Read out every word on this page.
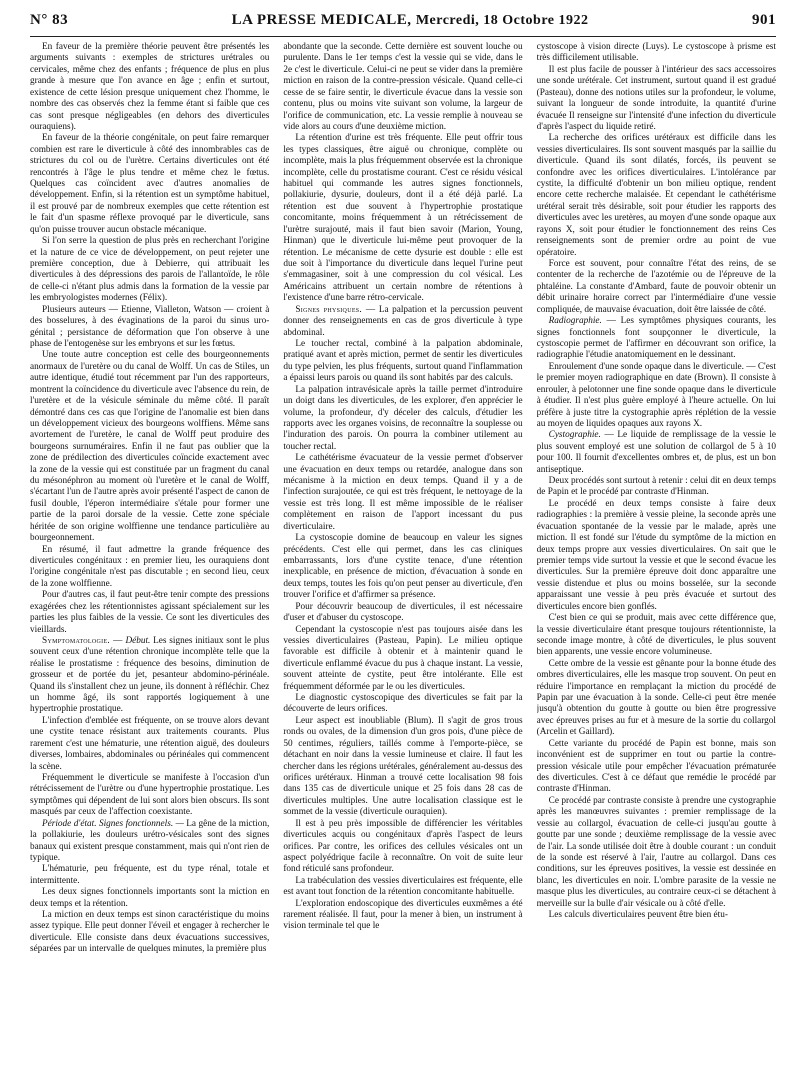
N° 83	LA PRESSE MEDICALE, Mercredi, 18 Octobre 1922	901

En faveur de la première théorie peuvent être présentés les arguments suivants : exemples de strictures urétrales ou cervicales, même chez des enfants ; fréquence de plus en plus grande à mesure que l'on avance en âge ; enfin et surtout, existence de cette lésion presque uniquement chez l'homme, le nombre des cas observés chez la femme étant si faible que ces cas sont presque négligeables (en dehors des diverticules ouraquiens).

En faveur de la théorie congénitale, on peut faire remarquer combien est rare le diverticule à côté des innombrables cas de strictures du col ou de l'urètre. Certains diverticules ont été rencontrés à l'âge le plus tendre et même chez le fœtus. Quelques cas coïncident avec d'autres anomalies de développement. Enfin, si la rétention est un symptôme habituel, il est prouvé par de nombreux exemples que cette rétention est le fait d'un spasme réflexe provoqué par le diverticule, sans qu'on puisse trouver aucun obstacle mécanique.

Si l'on serre la question de plus près en recherchant l'origine et la nature de ce vice de développement, on peut rejeter une première conception, due à Debierre, qui attribuait les diverticules à des dépressions des parois de l'allantoïde, le rôle de celle-ci n'étant plus admis dans la formation de la vessie par les embryologistes modernes (Félix).

Plusieurs auteurs — Etienne, Vialleton, Watson — croient à des bosselures, à des évaginations de la paroi du sinus uro-génital ; persistance de déformation que l'on observe à une phase de l'entogenèse sur les embryons et sur les fœtus.

Une toute autre conception est celle des bourgeonnements anormaux de l'uretère ou du canal de Wolff. Un cas de Stiles, un autre identique, étudié tout récemment par l'un des rapporteurs, montrent la coïncidence du diverticule avec l'absence du rein, de l'uretère et de la vésicule séminale du même côté. Il paraît démontré dans ces cas que l'origine de l'anomalie est bien dans un développement vicieux des bourgeons wolffiens. Même sans avortement de l'uretère, le canal de Wolff peut produire des bourgeons surnuméraires. Enfin il ne faut pas oublier que la zone de prédilection des diverticules coïncide exactement avec la zone de la vessie qui est constituée par un fragment du canal du mésonéphron au moment où l'uretère et le canal de Wolff, s'écartant l'un de l'autre après avoir présenté l'aspect de canon de fusil double, l'éperon intermédiaire s'étale pour former une partie de la paroi dorsale de la vessie. Cette zone spéciale héritée de son origine wolffienne une tendance particulière au bourgeonnement.

En résumé, il faut admettre la grande fréquence des diverticules congénitaux : en premier lieu, les ouraquiens dont l'origine congénitale n'est pas discutable ; en second lieu, ceux de la zone wolffienne.

Pour d'autres cas, il faut peut-être tenir compte des pressions exagérées chez les rétentionnistes agissant spécialement sur les parties les plus faibles de la vessie. Ce sont les diverticules des vieillards.

Symptomatologie. — Début. Les signes initiaux sont le plus souvent ceux d'une rétention chronique incomplète telle que la réalise le prostatisme : fréquence des besoins, diminution de grosseur et de portée du jet, pesanteur abdomino-périnéale. Quand ils s'installent chez un jeune, ils donnent à réfléchir. Chez un homme âgé, ils sont rapportés logiquement à une hypertrophie prostatique.

L'infection d'emblée est fréquente, on se trouve alors devant une cystite tenace résistant aux traitements courants. Plus rarement c'est une hématurie, une rétention aiguë, des douleurs diverses, lombaires, abdominales ou périnéales qui commencent la scène.

Fréquemment le diverticule se manifeste à l'occasion d'un rétrécissement de l'urètre ou d'une hypertrophie prostatique. Les symptômes qui dépendent de lui sont alors bien obscurs. Ils sont masqués par ceux de l'affection coexistante.

Période d'état. Signes fonctionnels. — La gêne de la miction, la pollakiurie, les douleurs urétro-vésicales sont des signes banaux qui existent presque constamment, mais qui n'ont rien de typique.

L'hématurie, peu fréquente, est du type rénal, totale et intermittente.

Les deux signes fonctionnels importants sont la miction en deux temps et la rétention.

La miction en deux temps est sinon caractéristique du moins assez typique. Elle peut donner l'éveil et engager à rechercher le diverticule. Elle consiste dans deux évacuations successives, séparées par un intervalle de quelques minutes, la première plus

abondante que la seconde. Cette dernière est souvent louche ou purulente. Dans le 1er temps c'est la vessie qui se vide, dans le 2e c'est le diverticule. Celui-ci ne peut se vider dans la première miction en raison de la contre-pression vésicale. Quand celle-ci cesse de se faire sentir, le diverticule évacue dans la vessie son contenu, plus ou moins vite suivant son volume, la largeur de l'orifice de communication, etc. La vessie remplie à nouveau se vide alors au cours d'une deuxième miction.

La rétention d'urine est très fréquente. Elle peut offrir tous les types classiques, être aiguë ou chronique, complète ou incomplète, mais la plus fréquemment observée est la chronique incomplète, celle du prostatisme courant. C'est ce résidu vésical habituel qui commande les autres signes fonctionnels, pollakiurie, dysurie, douleurs, dont il a été déjà parlé. La rétention est due souvent à l'hypertrophie prostatique concomitante, moins fréquemment à un rétrécissement de l'urètre surajouté, mais il faut bien savoir (Marion, Young, Hinman) que le diverticule lui-même peut provoquer de la rétention. Le mécanisme de cette dysurie est double : elle est due soit à l'importance du diverticule dans lequel l'urine peut s'emmagasiner, soit à une compression du col vésical. Les Américains attribuent un certain nombre de rétentions à l'existence d'une barre rétro-cervicale.

Signes physiques. — La palpation et la percussion peuvent donner des renseignements en cas de gros diverticule à type abdominal.

Le toucher rectal, combiné à la palpation abdominale, pratiqué avant et après miction, permet de sentir les diverticules du type pelvien, les plus fréquents, surtout quand l'inflammation a épaissi leurs parois ou quand ils sont habités par des calculs.

La palpation intravésicale après la taille permet d'introduire un doigt dans les diverticules, de les explorer, d'en apprécier le volume, la profondeur, d'y déceler des calculs, d'étudier les rapports avec les organes voisins, de reconnaître la souplesse ou l'induration des parois. On pourra la combiner utilement au toucher rectal.

Le cathétérisme évacuateur de la vessie permet d'observer une évacuation en deux temps ou retardée, analogue dans son mécanisme à la miction en deux temps. Quand il y a de l'infection surajoutée, ce qui est très fréquent, le nettoyage de la vessie est très long. Il est même impossible de le réaliser complètement en raison de l'apport incessant du pus diverticulaire.

La cystoscopie domine de beaucoup en valeur les signes précédents. C'est elle qui permet, dans les cas cliniques embarrassants, lors d'une cystite tenace, d'une rétention inexplicable, en présence de miction, d'évacuation à sonde en deux temps, toutes les fois qu'on peut penser au diverticule, d'en trouver l'orifice et d'affirmer sa présence.

Pour découvrir beaucoup de diverticules, il est nécessaire d'user et d'abuser du cystoscope.

Cependant la cystoscopie n'est pas toujours aisée dans les vessies diverticulaires (Pasteau, Papin). Le milieu optique favorable est difficile à obtenir et à maintenir quand le diverticule enflammé évacue du pus à chaque instant. La vessie, souvent atteinte de cystite, peut être intolérante. Elle est fréquemment déformée par le ou les diverticules.

Le diagnostic cystoscopique des diverticules se fait par la découverte de leurs orifices.

Leur aspect est inoubliable (Blum). Il s'agit de gros trous ronds ou ovales, de la dimension d'un gros pois, d'une pièce de 50 centimes, réguliers, taillés comme à l'emporte-pièce, se détachant en noir dans la vessie lumineuse et claire. Il faut les chercher dans les régions urétérales, généralement au-dessus des orifices urétéraux. Hinman a trouvé cette localisation 98 fois dans 135 cas de diverticule unique et 25 fois dans 28 cas de diverticules multiples. Une autre localisation classique est le sommet de la vessie (diverticule ouraquien).

Il est à peu près impossible de différencier les véritables diverticules acquis ou congénitaux d'après l'aspect de leurs orifices. Par contre, les orifices des cellules vésicales ont un aspect polyédrique facile à reconnaître. On voit de suite leur fond réticulé sans profondeur.

La trabéculation des vessies diverticulaires est fréquente, elle est avant tout fonction de la rétention concomitante habituelle.

L'exploration endoscopique des diverticules euxmêmes a été rarement réalisée. Il faut, pour la mener à bien, un instrument à vision terminale tel que le

cystoscope à vision directe (Luys). Le cystoscope à prisme est très difficilement utilisable.

Il est plus facile de pousser à l'intérieur des sacs accessoires une sonde urétérale. Cet instrument, surtout quand il est gradué (Pasteau), donne des notions utiles sur la profondeur, le volume, suivant la longueur de sonde introduite, la quantité d'urine évacuée Il renseigne sur l'intensité d'une infection du diverticule d'après l'aspect du liquide retiré.

La recherche des orifices urétéraux est difficile dans les vessies diverticulaires. Ils sont souvent masqués par la saillie du diverticule. Quand ils sont dilatés, forcés, ils peuvent se confondre avec les orifices diverticulaires. L'intolérance par cystite, la difficulté d'obtenir un bon milieu optique, rendent encore cette recherche malaisée. Et cependant le cathétérisme urétéral serait très désirable, soit pour étudier les rapports des diverticules avec les uretères, au moyen d'une sonde opaque aux rayons X, soit pour étudier le fonctionnement des reins Ces renseignements sont de premier ordre au point de vue opératoire.

Force est souvent, pour connaître l'état des reins, de se contenter de la recherche de l'azotémie ou de l'épreuve de la phtaléine. La constante d'Ambard, faute de pouvoir obtenir un débit urinaire horaire correct par l'intermédiaire d'une vessie compliquée, de mauvaise évacuation, doit être laissée de côté.

Radiographie. — Les symptômes physiques courants, les signes fonctionnels font soupçonner le diverticule, la cystoscopie permet de l'affirmer en découvrant son orifice, la radiographie l'étudie anatomiquement en le dessinant.

Enroulement d'une sonde opaque dans le diverticule. — C'est le premier moyen radiographique en date (Brown). Il consiste à enrouler, à pelotonner une fine sonde opaque dans le diverticule à étudier. Il n'est plus guère employé à l'heure actuelle. On lui préfère à juste titre la cystographie après réplétion de la vessie au moyen de liquides opaques aux rayons X.

Cystographie. — Le liquide de remplissage de la vessie le plus souvent employé est une solution de collargol de 5 à 10 pour 100. Il fournit d'excellentes ombres et, de plus, est un bon antiseptique.

Deux procédés sont surtout à retenir : celui dit en deux temps de Papin et le procédé par contraste d'Hinman.

Le procédé en deux temps consiste à faire deux radiographies : la première à vessie pleine, la seconde après une évacuation spontanée de la vessie par le malade, après une miction. Il est fondé sur l'étude du symptôme de la miction en deux temps propre aux vessies diverticulaires. On sait que le premier temps vide surtout la vessie et que le second évacue les diverticules. Sur la première épreuve doit donc apparaître une vessie distendue et plus ou moins bosselée, sur la seconde apparaissant une vessie à peu près évacuée et surtout des diverticules encore bien gonflés.

C'est bien ce qui se produit, mais avec cette différence que, la vessie diverticulaire étant presque toujours rétentionniste, la seconde image montre, à côté de diverticules, le plus souvent bien apparents, une vessie encore volumineuse.

Cette ombre de la vessie est gênante pour la bonne étude des ombres diverticulaires, elle les masque trop souvent. On peut en réduire l'importance en remplaçant la miction du procédé de Papin par une évacuation à la sonde. Celle-ci peut être menée jusqu'à obtention du goutte à goutte ou bien être progressive avec épreuves prises au fur et à mesure de la sortie du collargol (Arcelin et Gaillard).

Cette variante du procédé de Papin est bonne, mais son inconvénient est de supprimer en tout ou partie la contre-pression vésicale utile pour empêcher l'évacuation prématurée des diverticules. C'est à ce défaut que remédie le procédé par contraste d'Hinman.

Ce procédé par contraste consiste à prendre une cystographie après les manœuvres suivantes : premier remplissage de la vessie au collargol, évacuation de celle-ci jusqu'au goutte à goutte par une sonde ; deuxième remplissage de la vessie avec de l'air. La sonde utilisée doit être à double courant : un conduit de la sonde est réservé à l'air, l'autre au collargol. Dans ces conditions, sur les épreuves positives, la vessie est dessinée en blanc, les diverticules en noir. L'ombre parasite de la vessie ne masque plus les diverticules, au contraire ceux-ci se détachent à merveille sur la bulle d'air vésicale ou à côté d'elle.

Les calculs diverticulaires peuvent être bien étu-
